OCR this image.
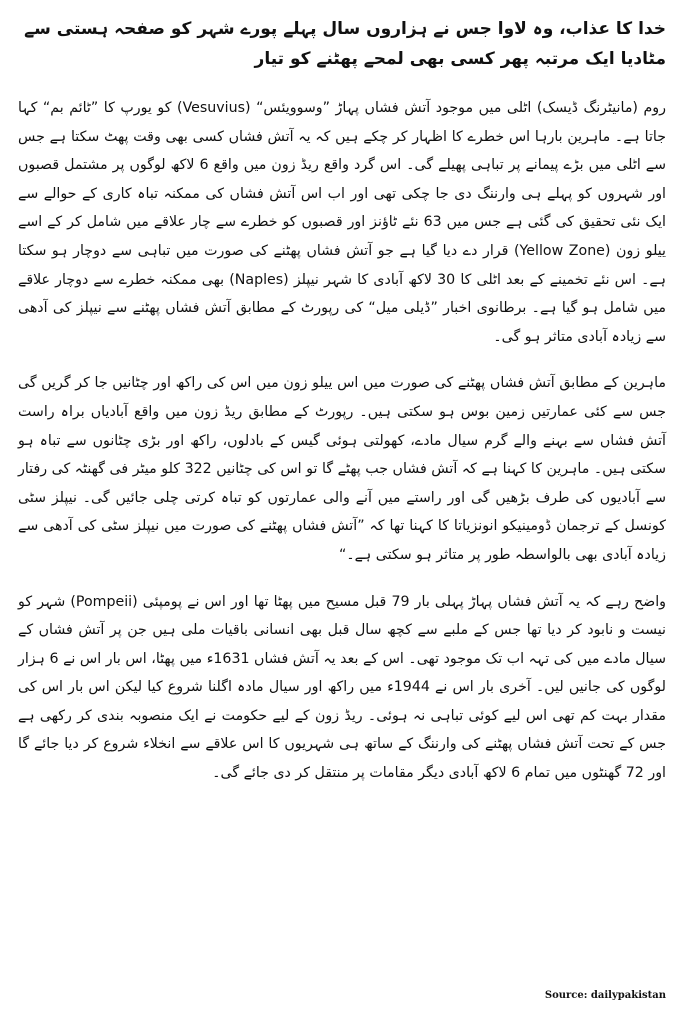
خدا کا عذاب، وہ لاوا جس نے ہزاروں سال پہلے پورے شہر کو صفحہ ہستی سے مٹادیا ایک مرتبہ پھر کسی بھی لمحے پھٹنے کو تیار

روم (مانیٹرنگ ڈیسک) اٹلی میں موجود آتش فشاں پہاڑ ”وسوویئس“ (Vesuvius) کو یورپ کا ”ٹائم بم“ کہا جاتا ہے۔ ماہرین بارہا اس خطرے کا اظہار کر چکے ہیں کہ یہ آتش فشاں کسی بھی وقت پھٹ سکتا ہے جس سے اٹلی میں بڑے پیمانے پر تباہی پھیلے گی۔ اس گرد واقع ریڈ زون میں واقع 6 لاکھ لوگوں پر مشتمل قصبوں اور شہروں کو پہلے ہی وارننگ دی جا چکی تھی اور اب اس آتش فشاں کی ممکنہ تباہ کاری کے حوالے سے ایک نئی تحقیق کی گئی ہے جس میں 63 نئے ٹاؤنز اور قصبوں کو خطرے سے چار علاقے میں شامل کر کے اسے ییلو زون (Yellow Zone) قرار دے دیا گیا ہے جو آتش فشاں پھٹنے کی صورت میں تباہی سے دوچار ہو سکتا ہے۔ اس نئے تخمینے کے بعد اٹلی کا 30 لاکھ آبادی کا شہر نیپلز (Naples) بھی ممکنہ خطرے سے دوچار علاقے میں شامل ہو گیا ہے۔ برطانوی اخبار ”ڈیلی میل“ کی رپورٹ کے مطابق آتش فشاں پھٹنے سے نیپلز کی آدھی سے زیادہ آبادی متاثر ہو گی۔

ماہرین کے مطابق آتش فشاں پھٹنے کی صورت میں اس ییلو زون میں اس کی راکھ اور چٹانیں جا کر گریں گی جس سے کئی عمارتیں زمین بوس ہو سکتی ہیں۔ رپورٹ کے مطابق ریڈ زون میں واقع آبادیاں براہ راست آتش فشاں سے بہنے والے گرم سیال مادے، کھولتی ہوئی گیس کے بادلوں، راکھ اور بڑی چٹانوں سے تباہ ہو سکتی ہیں۔ ماہرین کا کہنا ہے کہ آتش فشاں جب پھٹے گا تو اس کی چٹانیں 322 کلو میٹر فی گھنٹہ کی رفتار سے آبادیوں کی طرف بڑھیں گی اور راستے میں آنے والی عمارتوں کو تباہ کرتی چلی جائیں گی۔ نیپلز سٹی کونسل کے ترجمان ڈومینیکو انونزیاتا کا کہنا تھا کہ ”آتش فشاں پھٹنے کی صورت میں نیپلز سٹی کی آدھی سے زیادہ آبادی بھی بالواسطہ طور پر متاثر ہو سکتی ہے۔“

واضح رہے کہ یہ آتش فشاں پہاڑ پہلی بار 79 قبل مسیح میں پھٹا تھا اور اس نے پومپئی (Pompeii) شہر کو نیست و نابود کر دیا تھا جس کے ملبے سے کچھ سال قبل بھی انسانی باقیات ملی ہیں جن پر آتش فشاں کے سیال مادے میں کی تہہ اب تک موجود تھی۔ اس کے بعد یہ آتش فشاں 1631ء میں پھٹا، اس بار اس نے 6 ہزار لوگوں کی جانیں لیں۔ آخری بار اس نے 1944ء میں راکھ اور سیال مادہ اگلنا شروع کیا لیکن اس بار اس کی مقدار بہت کم تھی اس لیے کوئی تباہی نہ ہوئی۔ ریڈ زون کے لیے حکومت نے ایک منصوبہ بندی کر رکھی ہے جس کے تحت آتش فشاں پھٹنے کی وارننگ کے ساتھ ہی شہریوں کا اس علاقے سے انخلاء شروع کر دیا جائے گا اور 72 گھنٹوں میں تمام 6 لاکھ آبادی دیگر مقامات پر منتقل کر دی جائے گی۔

Source: dailypakistan
